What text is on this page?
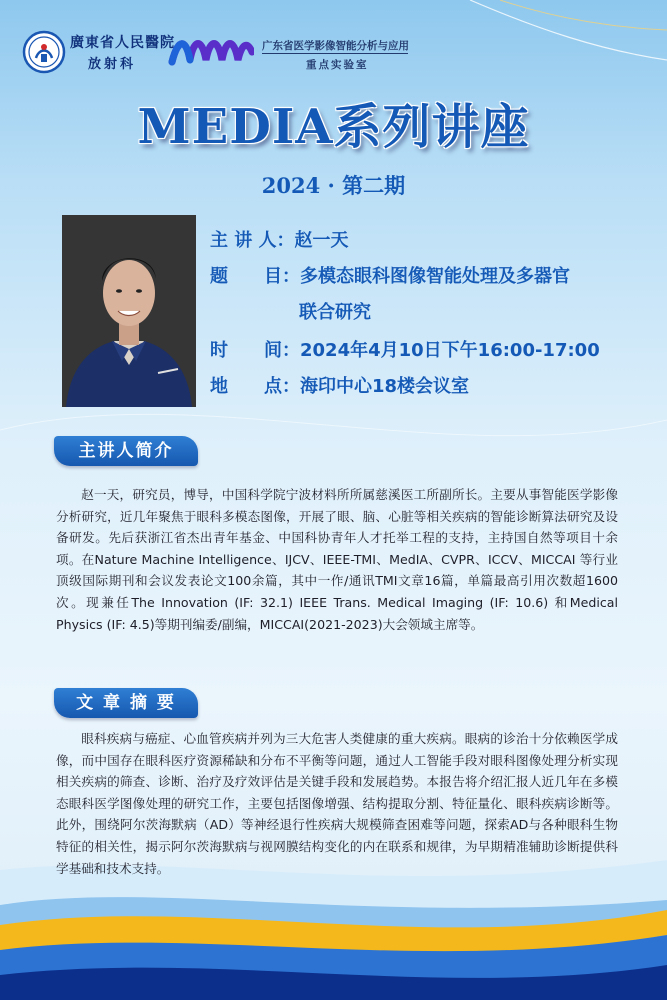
廣東省人民醫院
放射科
广东省医学影像智能分析与应用
重点实验室
MEDIA系列讲座
2024 · 第二期
主 讲 人：赵一天
题　　目：多模态眼科图像智能处理及多器官
联合研究
时　　间：2024年4月10日下午16:00-17:00
地　　点：海印中心18楼会议室
主讲人简介
赵一天，研究员，博导，中国科学院宁波材料所所属慈溪医工所副所长。主要从事智能医学影像分析研究，近几年聚焦于眼科多模态图像，开展了眼、脑、心脏等相关疾病的智能诊断算法研究及设备研发。先后获浙江省杰出青年基金、中国科协青年人才托举工程的支持，主持国自然等项目十余项。在Nature Machine Intelligence、IJCV、IEEE-TMI、MedIA、CVPR、ICCV、MICCAI 等行业顶级国际期刊和会议发表论文100余篇，其中一作/通讯TMI文章16篇，单篇最高引用次数超1600次。现兼任The Innovation (IF: 32.1) IEEE Trans. Medical Imaging (IF: 10.6) 和Medical Physics (IF: 4.5)等期刊编委/副编，MICCAI(2021-2023)大会领域主席等。
文 章 摘 要
眼科疾病与癌症、心血管疾病并列为三大危害人类健康的重大疾病。眼病的诊治十分依赖医学成像，而中国存在眼科医疗资源稀缺和分布不平衡等问题，通过人工智能手段对眼科图像处理分析实现相关疾病的筛查、诊断、治疗及疗效评估是关键手段和发展趋势。本报告将介绍汇报人近几年在多模态眼科医学图像处理的研究工作，主要包括图像增强、结构提取分割、特征量化、眼科疾病诊断等。此外，围绕阿尔茨海默病（AD）等神经退行性疾病大规模筛查困难等问题，探索AD与各种眼科生物特征的相关性，揭示阿尔茨海默病与视网膜结构变化的内在联系和规律，为早期精准辅助诊断提供科学基础和技术支持。
